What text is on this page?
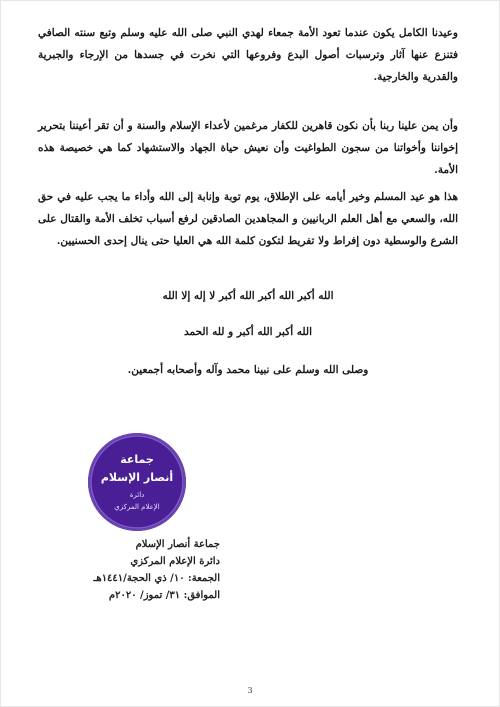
وعيدنا الكامل يكون عندما تعود الأمة جمعاء لهدي النبي صلى الله عليه وسلم وتبع سنته الصافي فتنزع عنها آثار وترسبات أصول البدع وفروعها التي نخرت في جسدها من الإرجاء والجبرية والقدرية والخارجية.

وأن يمن علينا ربنا بأن نكون قاهرين للكفار مرغمين لأعداء الإسلام والسنة و أن تقر أعيننا بتحرير إخواننا وأخواتنا من سجون الطواغيت وأن نعيش حياة الجهاد والاستشهاد كما هي خصيصة هذه الأمة.

هذا هو عيد المسلم وخير أيامه على الإطلاق، يوم توبة وإنابة إلى الله وأداء ما يجب عليه في حق الله، والسعي مع أهل العلم الربانيين و المجاهدين الصادقين لرفع أسباب تخلف الأمة والقتال على الشرع والوسطية دون إفراط ولا تفريط لتكون كلمة الله هي العليا حتى ينال إحدى الحسنيين.

الله أكبر الله أكبر الله أكبر لا إله إلا الله
الله أكبر الله أكبر و لله الحمد
وصلى الله وسلم على نبينا محمد وآله وأصحابه أجمعين.
جماعة
أنصار الإسلام
دائرة
الإعلام المركزي
جماعة أنصار الإسلام
دائرة الإعلام المركزي
الجمعة: ١٠/ ذي الحجة/١٤٤١هـ
الموافق: ٣١/ تموز/ ٢٠٢٠م
3
